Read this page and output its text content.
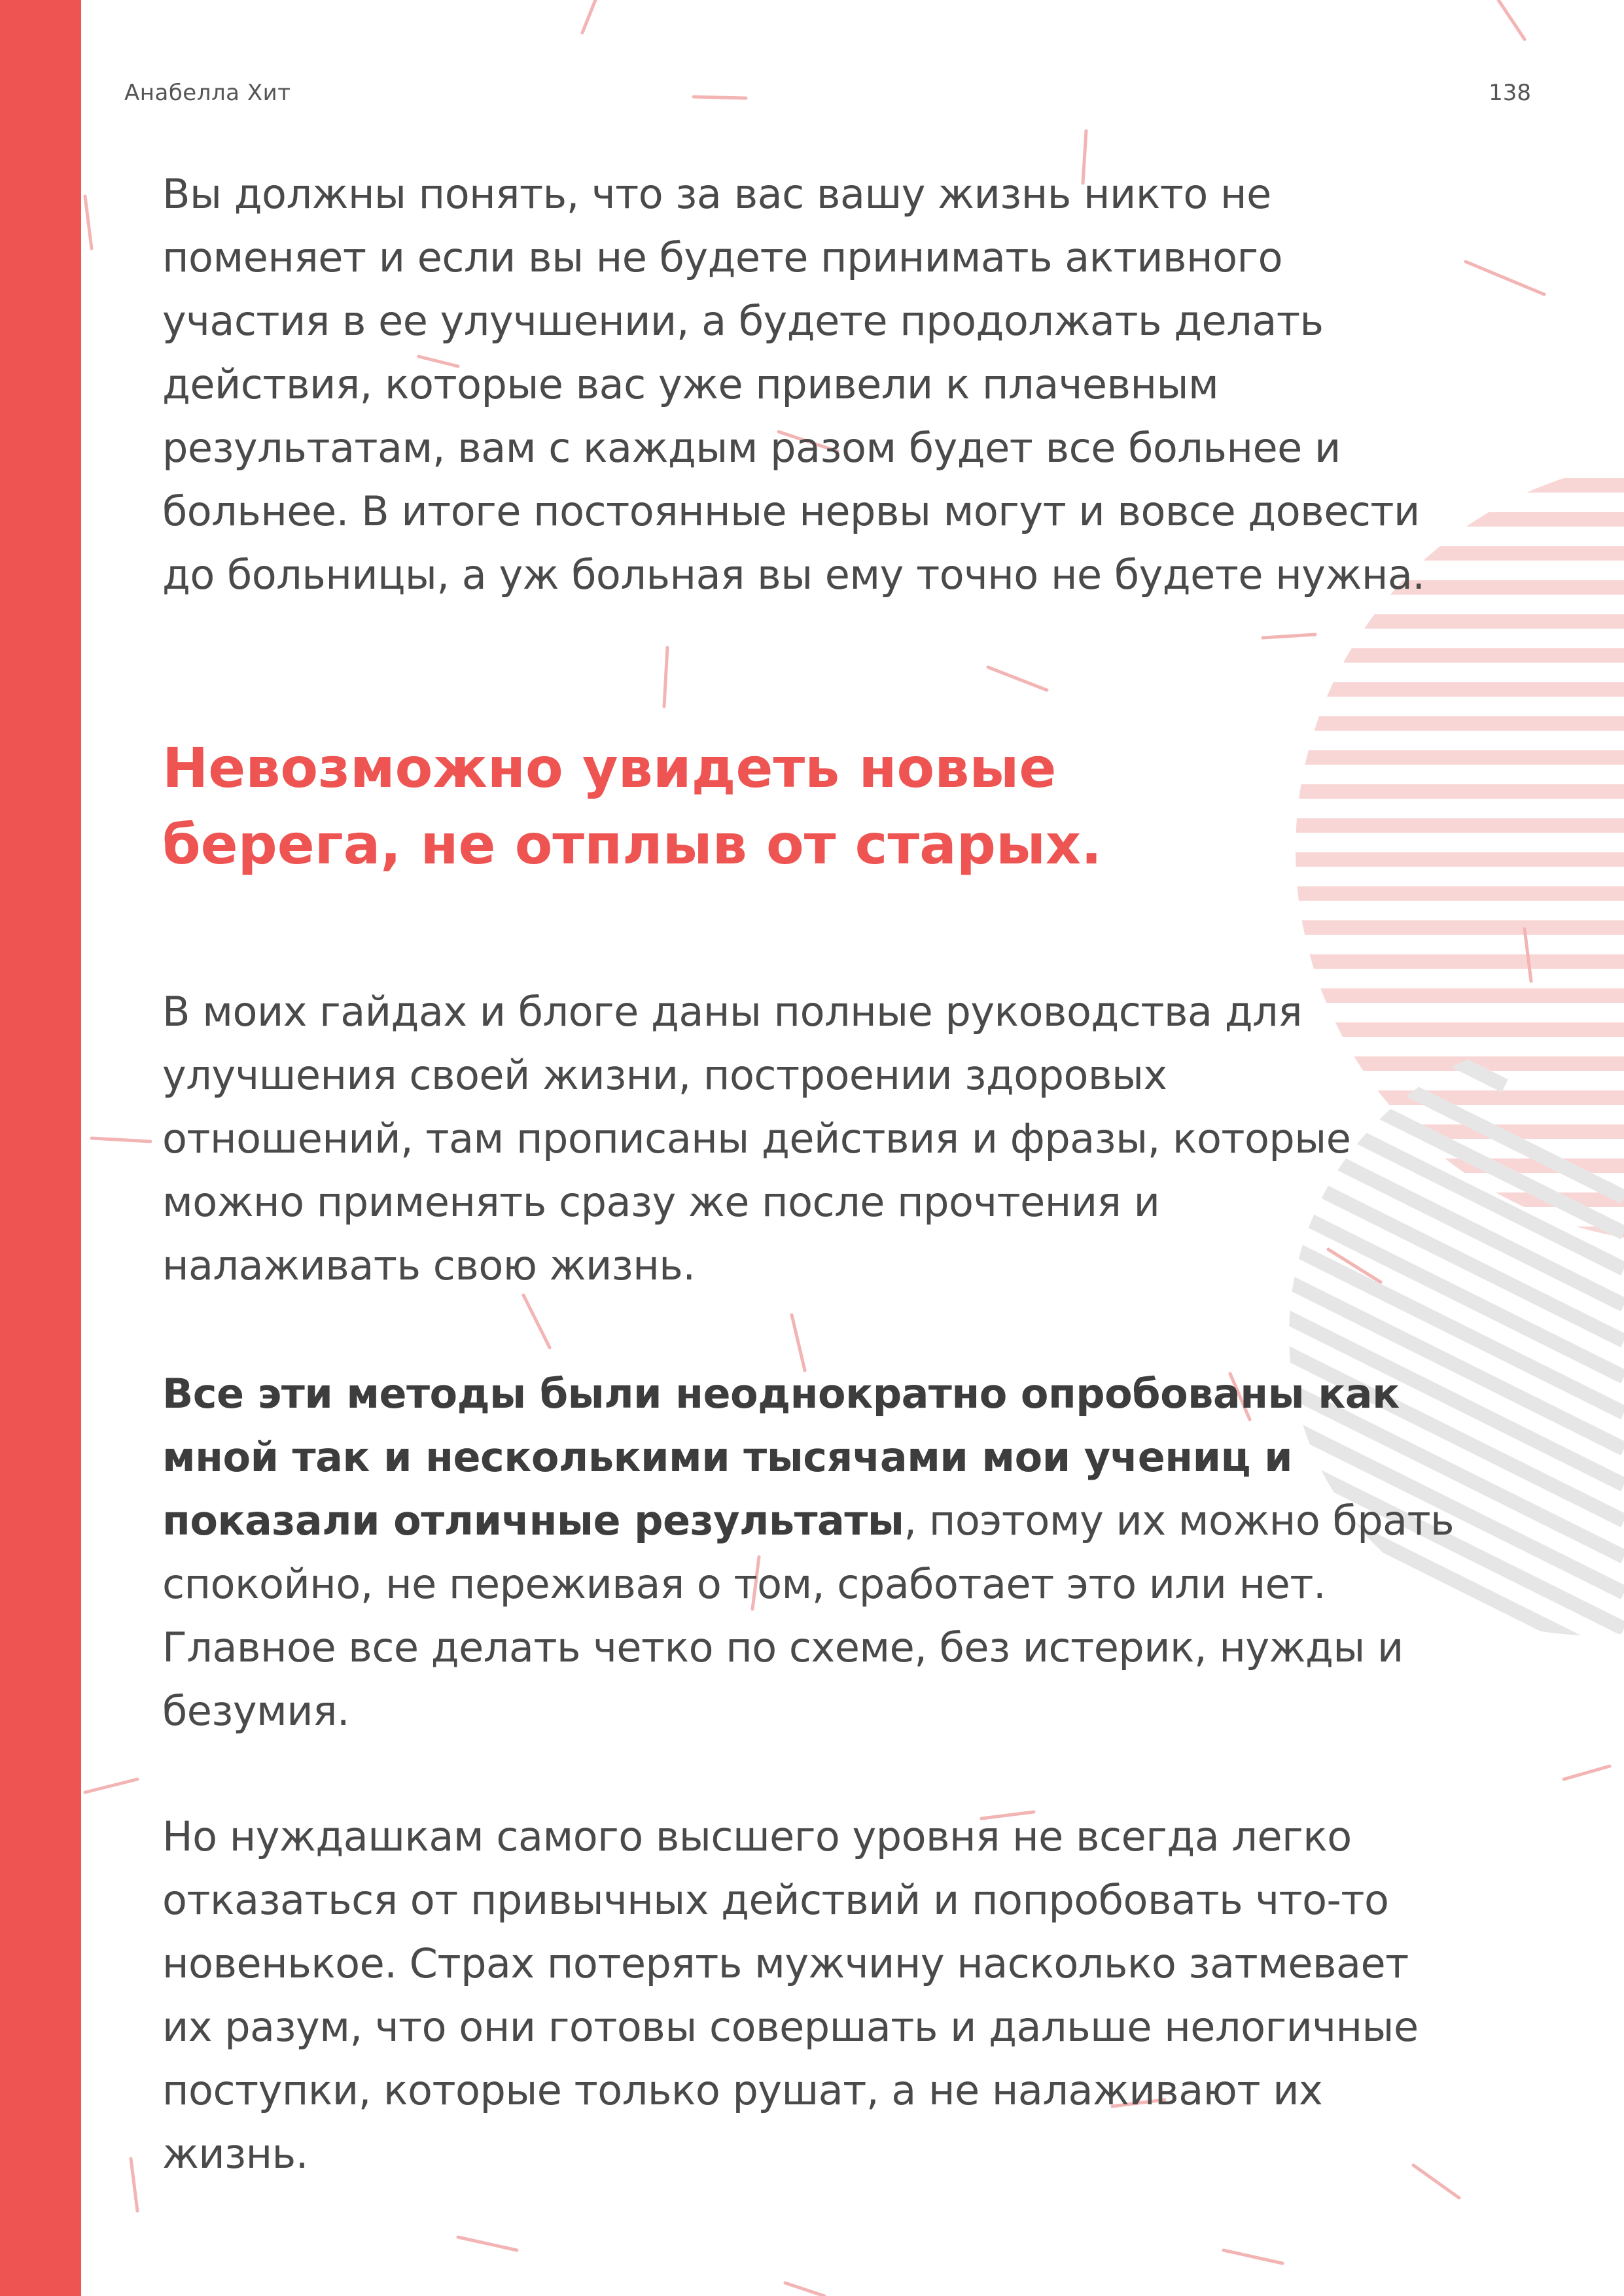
Анабелла Хит	138

Вы должны понять, что за вас вашу жизнь никто не
поменяет и если вы не будете принимать активного
участия в ее улучшении, а будете продолжать делать
действия, которые вас уже привели к плачевным
результатам, вам с каждым разом будет все больнее и
больнее. В итоге постоянные нервы могут и вовсе довести
до больницы, а уж больная вы ему точно не будете нужна.

Невозможно увидеть новые
берега, не отплыв от старых.

В моих гайдах и блоге даны полные руководства для
улучшения своей жизни, построении здоровых
отношений, там прописаны действия и фразы, которые
можно применять сразу же после прочтения и
налаживать свою жизнь.

Все эти методы были неоднократно опробованы как
мной так и несколькими тысячами мои учениц и
показали отличные результаты, поэтому их можно брать
спокойно, не переживая о том, сработает это или нет.
Главное все делать четко по схеме, без истерик, нужды и
безумия.

Но нуждашкам самого высшего уровня не всегда легко
отказаться от привычных действий и попробовать что-то
новенькое. Страх потерять мужчину насколько затмевает
их разум, что они готовы совершать и дальше нелогичные
поступки, которые только рушат, а не налаживают их
жизнь.
